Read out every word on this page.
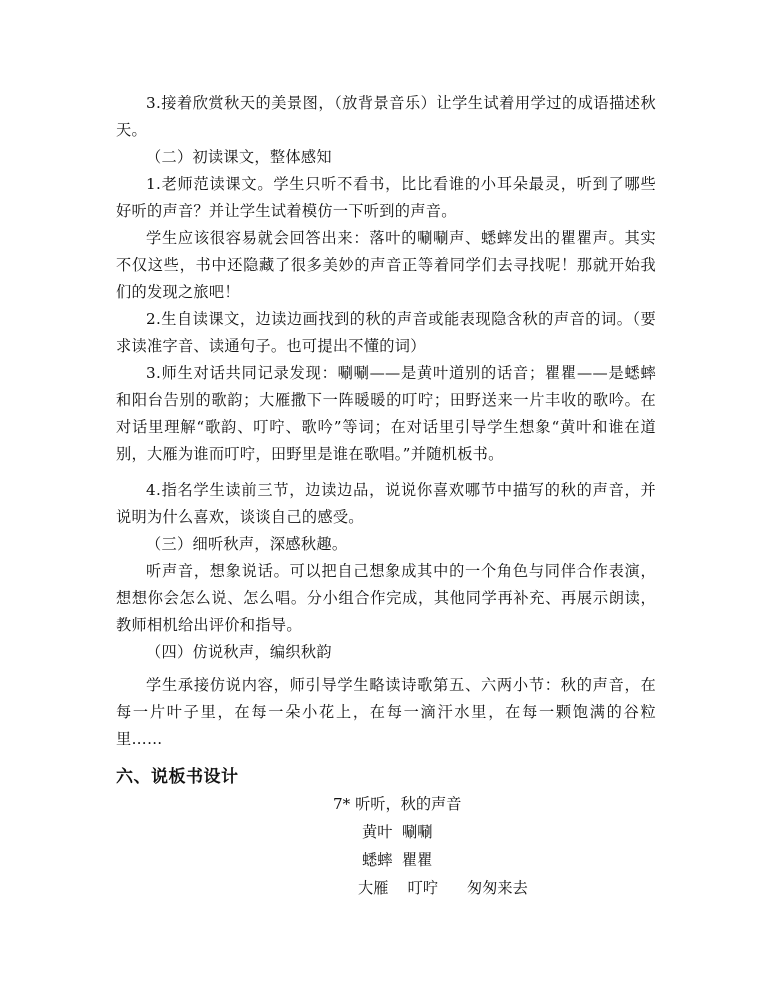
3.接着欣赏秋天的美景图，（放背景音乐）让学生试着用学过的成语描述秋天。

（二）初读课文，整体感知

1.老师范读课文。学生只听不看书，比比看谁的小耳朵最灵，听到了哪些好听的声音？并让学生试着模仿一下听到的声音。

学生应该很容易就会回答出来：落叶的唰唰声、蟋蟀发出的瞿瞿声。其实不仅这些，书中还隐藏了很多美妙的声音正等着同学们去寻找呢！那就开始我们的发现之旅吧！

2.生自读课文，边读边画找到的秋的声音或能表现隐含秋的声音的词。（要求读准字音、读通句子。也可提出不懂的词）

3.师生对话共同记录发现：唰唰——是黄叶道别的话音；瞿瞿——是蟋蟀和阳台告别的歌韵；大雁撒下一阵暖暖的叮咛；田野送来一片丰收的歌吟。在对话里理解“歌韵、叮咛、歌吟”等词；在对话里引导学生想象“黄叶和谁在道别，大雁为谁而叮咛，田野里是谁在歌唱。”并随机板书。

4.指名学生读前三节，边读边品，说说你喜欢哪节中描写的秋的声音，并说明为什么喜欢，谈谈自己的感受。

（三）细听秋声，深感秋趣。

听声音，想象说话。可以把自己想象成其中的一个角色与同伴合作表演，想想你会怎么说、怎么唱。分小组合作完成，其他同学再补充、再展示朗读，教师相机给出评价和指导。

（四）仿说秋声，编织秋韵

学生承接仿说内容，师引导学生略读诗歌第五、六两小节：秋的声音，在每一片叶子里，在每一朵小花上，在每一滴汗水里，在每一颗饱满的谷粒里……

六、说板书设计
7* 听听，秋的声音
黄叶  唰唰
蟋蟀  瞿瞿
大雁    叮咛      匆匆来去
